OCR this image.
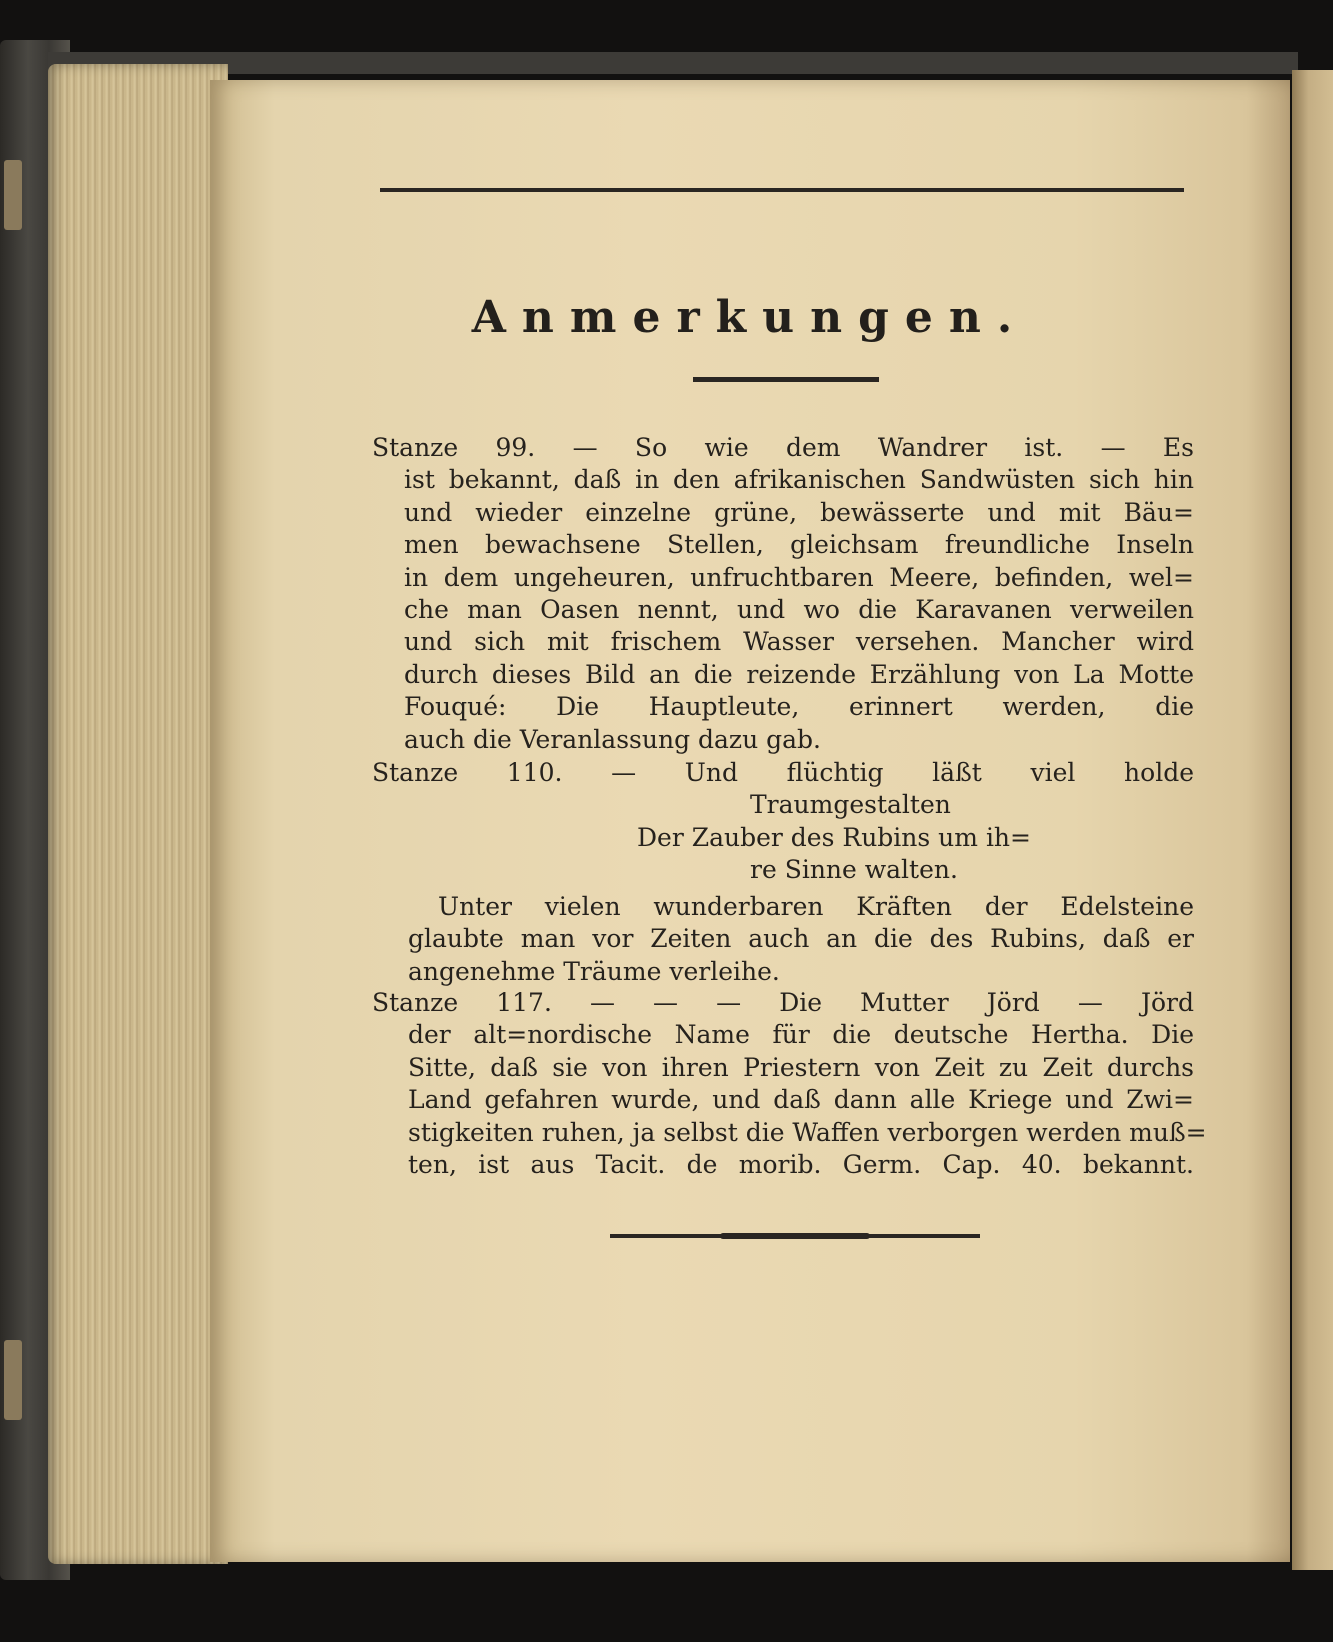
Anmerkungen.
Stanze 99. — So wie dem Wandrer ist. — Es
ist bekannt, daß in den afrikanischen Sandwüsten sich hin
und wieder einzelne grüne, bewässerte und mit Bäu=
men bewachsene Stellen, gleichsam freundliche Inseln
in dem ungeheuren, unfruchtbaren Meere, befinden, wel=
che man Oasen nennt, und wo die Karavanen verweilen
und sich mit frischem Wasser versehen. Mancher wird
durch dieses Bild an die reizende Erzählung von La Motte
Fouqué: Die Hauptleute, erinnert werden, die
auch die Veranlassung dazu gab.
Stanze 110. — Und flüchtig läßt viel holde
Traumgestalten
Der Zauber des Rubins um ih=
re Sinne walten.
Unter vielen wunderbaren Kräften der Edelsteine
glaubte man vor Zeiten auch an die des Rubins, daß er
angenehme Träume verleihe.
Stanze 117. — — — Die Mutter Jörd — Jörd
der alt=nordische Name für die deutsche Hertha. Die
Sitte, daß sie von ihren Priestern von Zeit zu Zeit durchs
Land gefahren wurde, und daß dann alle Kriege und Zwi=
stigkeiten ruhen, ja selbst die Waffen verborgen werden muß=
ten, ist aus Tacit. de morib. Germ. Cap. 40. bekannt.
